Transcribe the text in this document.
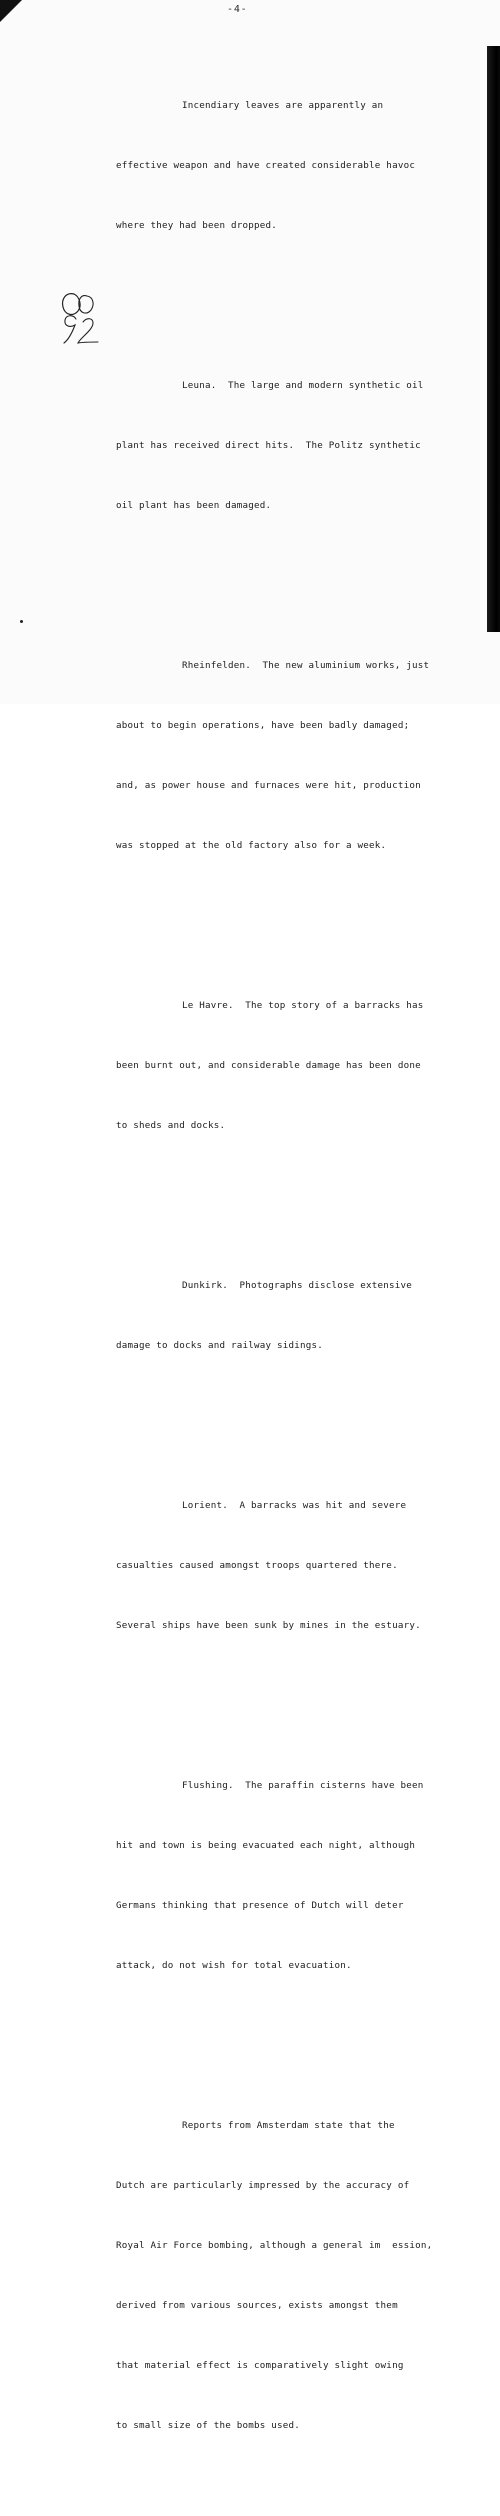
-4-

Incendiary leaves are apparently an

effective weapon and have created considerable havoc

where they had been dropped.

Leuna.  The large and modern synthetic oil

plant has received direct hits.  The Politz synthetic

oil plant has been damaged.

Rheinfelden.  The new aluminium works, just

about to begin operations, have been badly damaged;

and, as power house and furnaces were hit, production

was stopped at the old factory also for a week.

Le Havre.  The top story of a barracks has

been burnt out, and considerable damage has been done

to sheds and docks.

Dunkirk.  Photographs disclose extensive

damage to docks and railway sidings.

Lorient.  A barracks was hit and severe

casualties caused amongst troops quartered there.

Several ships have been sunk by mines in the estuary.

Flushing.  The paraffin cisterns have been

hit and town is being evacuated each night, although

Germans thinking that presence of Dutch will deter

attack, do not wish for total evacuation.

Reports from Amsterdam state that the

Dutch are particularly impressed by the accuracy of

Royal Air Force bombing, although a general im  ession,

derived from various sources, exists amongst them

that material effect is comparatively slight owing

to small size of the bombs used.
